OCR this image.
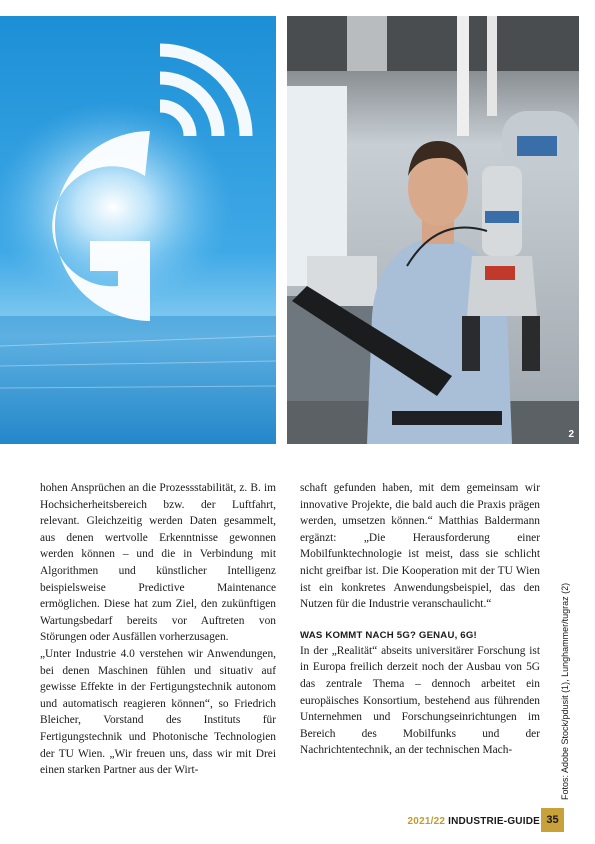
2

hohen Ansprüchen an die Prozessstabilität, z. B. im Hochsicherheitsbereich bzw. der Luftfahrt, relevant. Gleichzeitig werden Daten gesammelt, aus denen wertvolle Erkenntnisse gewonnen werden können – und die in Verbindung mit Algorithmen und künstlicher Intelligenz beispielsweise Predictive Maintenance ermöglichen. Diese hat zum Ziel, den zukünftigen Wartungsbedarf bereits vor Auftreten von Störungen oder Ausfällen vorherzusagen.

„Unter Industrie 4.0 verstehen wir Anwendungen, bei denen Maschinen fühlen und situativ auf gewisse Effekte in der Fertigungstechnik autonom und automatisch reagieren können“, so Friedrich Bleicher, Vorstand des Instituts für Fertigungstechnik und Photonische Technologien der TU Wien. „Wir freuen uns, dass wir mit Drei einen starken Partner aus der Wirt-

schaft gefunden haben, mit dem gemeinsam wir innovative Projekte, die bald auch die Praxis prägen werden, umsetzen können.“ Matthias Baldermann ergänzt: „Die Herausforderung einer Mobilfunktechnologie ist meist, dass sie schlicht nicht greifbar ist. Die Kooperation mit der TU Wien ist ein konkretes Anwendungsbeispiel, das den Nutzen für die Industrie veranschaulicht.“

WAS KOMMT NACH 5G? GENAU, 6G!

In der „Realität“ abseits universitärer Forschung ist in Europa freilich derzeit noch der Ausbau von 5G das zentrale Thema – dennoch arbeitet ein europäisches Konsortium, bestehend aus führenden Unternehmen und Forschungseinrichtungen im Bereich des Mobilfunks und der Nachrichtentechnik, an der technischen Mach-	Fotos: Adobe Stock/pdusit (1), Lunghammer/tugraz (2)
2021/22 INDUSTRIE-GUIDE 35
